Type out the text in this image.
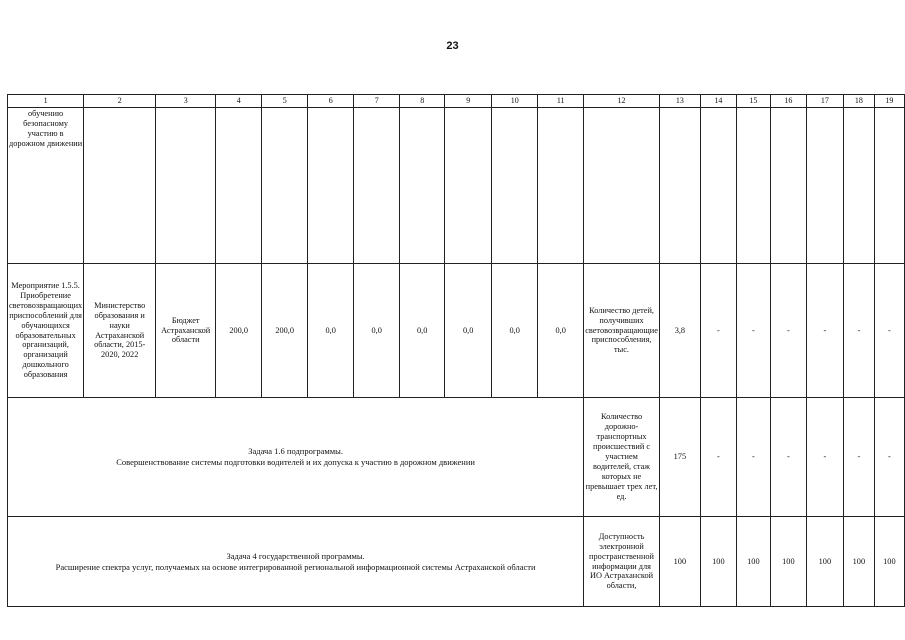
23
1	2	3	4	5	6	7	8	9	10	11	12	13	14	15	16	17	18	19
обучению безопасному участию в дорожном движении																		
Мероприятие 1.5.5. Приобретение световозвращающих приспособлений для обучающихся образовательных организаций, организаций дошкольного образования	Министерство образования и науки Астраханской области, 2015-2020, 2022	Бюджет Астраханской области	200,0	200,0	0,0	0,0	0,0	0,0	0,0	0,0	Количество детей, получивших световозвращающие приспособления, тыс.	3,8	-	-	-	-	-	-

Задача 1.6 подпрограммы.
Совершенствование системы подготовки водителей и их допуска к участию в дорожном движении											Количество дорожно-транспортных происшествий с участием водителей, стаж которых не превышает трех лет, ед.	175	-	-	-	-	-	-

Задача 4 государственной программы.
Расширение спектра услуг, получаемых на основе интегрированной региональной информационной системы Астраханской области											Доступность электронной пространственной информации для ИО Астраханской области,	100	100	100	100	100	100	100
